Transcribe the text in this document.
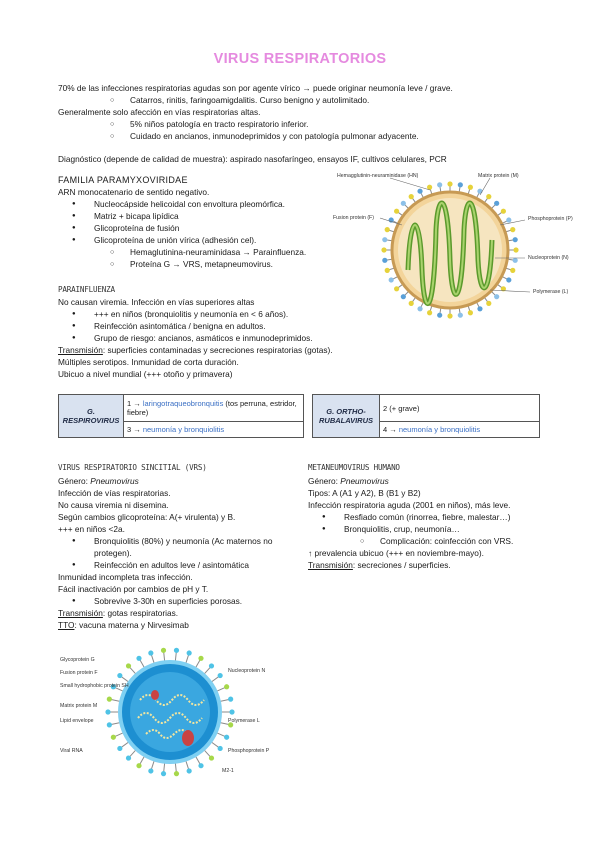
VIRUS RESPIRATORIOS
70% de las infecciones respiratorias agudas son por agente vírico → puede originar neumonía leve / grave.
○ Catarros, rinitis, faringoamigdalitis. Curso benigno y autolimitado.
Generalmente solo afección en vías respiratorias altas.
○ 5% niños patología en tracto respiratorio inferior.
○ Cuidado en ancianos, inmunodeprimidos y con patología pulmonar adyacente.
Diagnóstico (depende de calidad de muestra): aspirado nasofaríngeo, ensayos IF, cultivos celulares, PCR
FAMILIA PARAMYXOVIRIDAE
ARN monocatenario de sentido negativo.
● Nucleocápside helicoidal con envoltura pleomórfica.
● Matriz + bicapa lipídica
● Glicoproteína de fusión
● Glicoproteína de unión vírica (adhesión cel).
○ Hemaglutinina-neuraminidasa → Parainfluenza.
○ Proteína G → VRS, metapneumovirus.
Hemagglutinin-neuraminidase (HN)	Matrix protein (M)
Fusion protein (F)	Phosphoprotein (P)
Nucleoprotein (N)
Polymerase (L)
PARAINFLUENZA
No causan viremia. Infección en vías superiores altas
● +++ en niños (bronquiolitis y neumonía en < 6 años).
● Reinfección asintomática / benigna en adultos.
● Grupo de riesgo: ancianos, asmáticos e inmunodeprimidos.
Transmisión: superficies contaminadas y secreciones respiratorias (gotas).
Múltiples serotipos. Inmunidad de corta duración.
Ubicuo a nivel mundial (+++ otoño y primavera)
G. RESPIROVIRUS	1 → laringotraqueobronquitis (tos perruna, estridor, fiebre)
3 → neumonía y bronquiolitis
G. ORTHO-RUBALAVIRUS	2 (+ grave)
4 → neumonía y bronquiolitis
VIRUS RESPIRATORIO SINCITIAL (VRS)
Género: Pneumovirus
Infección de vías respiratorias.
No causa viremia ni disemina.
Según cambios glicoproteína: A(+ virulenta) y B.
+++ en niños <2a.
● Bronquiolitis (80%) y neumonía (Ac maternos no
protegen).
● Reinfección en adultos leve / asintomática
Inmunidad incompleta tras infección.
Fácil inactivación por cambios de pH y T.
● Sobrevive 3-30h en superficies porosas.
Transmisión: gotas respiratorias.
TTO: vacuna materna y Nirvesimab
METANEUMOVIRUS HUMANO
Género: Pneumovirus
Tipos: A (A1 y A2), B (B1 y B2)
Infección respiratoria aguda (2001 en niños), más leve.
● Resfiado común (rinorrea, fiebre, malestar…)
● Bronquiolitis, crup, neumonía…
○ Complicación: coinfección con VRS.
↑ prevalencia ubicuo (+++ en noviembre-mayo).
Transmisión: secreciones / superficies.
Glycoprotein G
Fusion protein F
Small hydrophobic protein SH
Matrix protein M
Lipid envelope
Viral RNA
Nucleoprotein N
Polymerase L
Phosphoprotein P
M2-1
